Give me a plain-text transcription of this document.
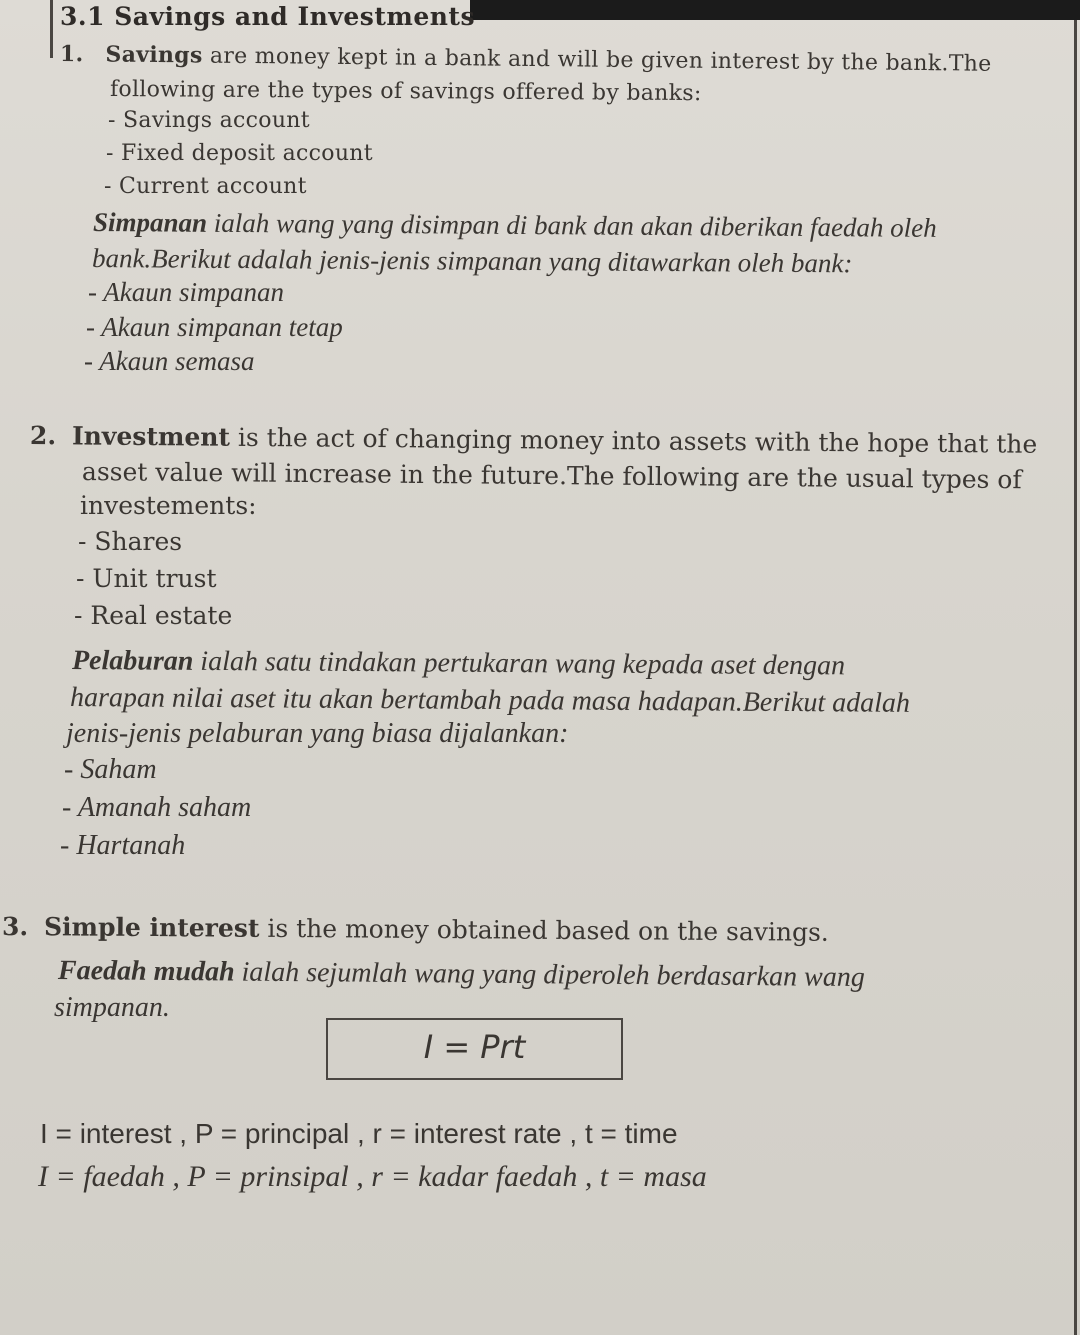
3.1 Savings and Investments
1. Savings are money kept in a bank and will be given interest by the bank.The
following are the types of savings offered by banks:
- Savings account
- Fixed deposit account
- Current account
Simpanan ialah wang yang disimpan di bank dan akan diberikan faedah oleh
bank.Berikut adalah jenis-jenis simpanan yang ditawarkan oleh bank:
- Akaun simpanan
- Akaun simpanan tetap
- Akaun semasa
2. Investment is the act of changing money into assets with the hope that the
asset value will increase in the future.The following are the usual types of
investements:
- Shares
- Unit trust
- Real estate
Pelaburan ialah satu tindakan pertukaran wang kepada aset dengan
harapan nilai aset itu akan bertambah pada masa hadapan.Berikut adalah
jenis-jenis pelaburan yang biasa dijalankan:
- Saham
- Amanah saham
- Hartanah
3. Simple interest is the money obtained based on the savings.
Faedah mudah ialah sejumlah wang yang diperoleh berdasarkan wang
simpanan.
I = Prt
I = interest , P = principal , r = interest rate , t = time
I = faedah , P = prinsipal , r = kadar faedah , t = masa
